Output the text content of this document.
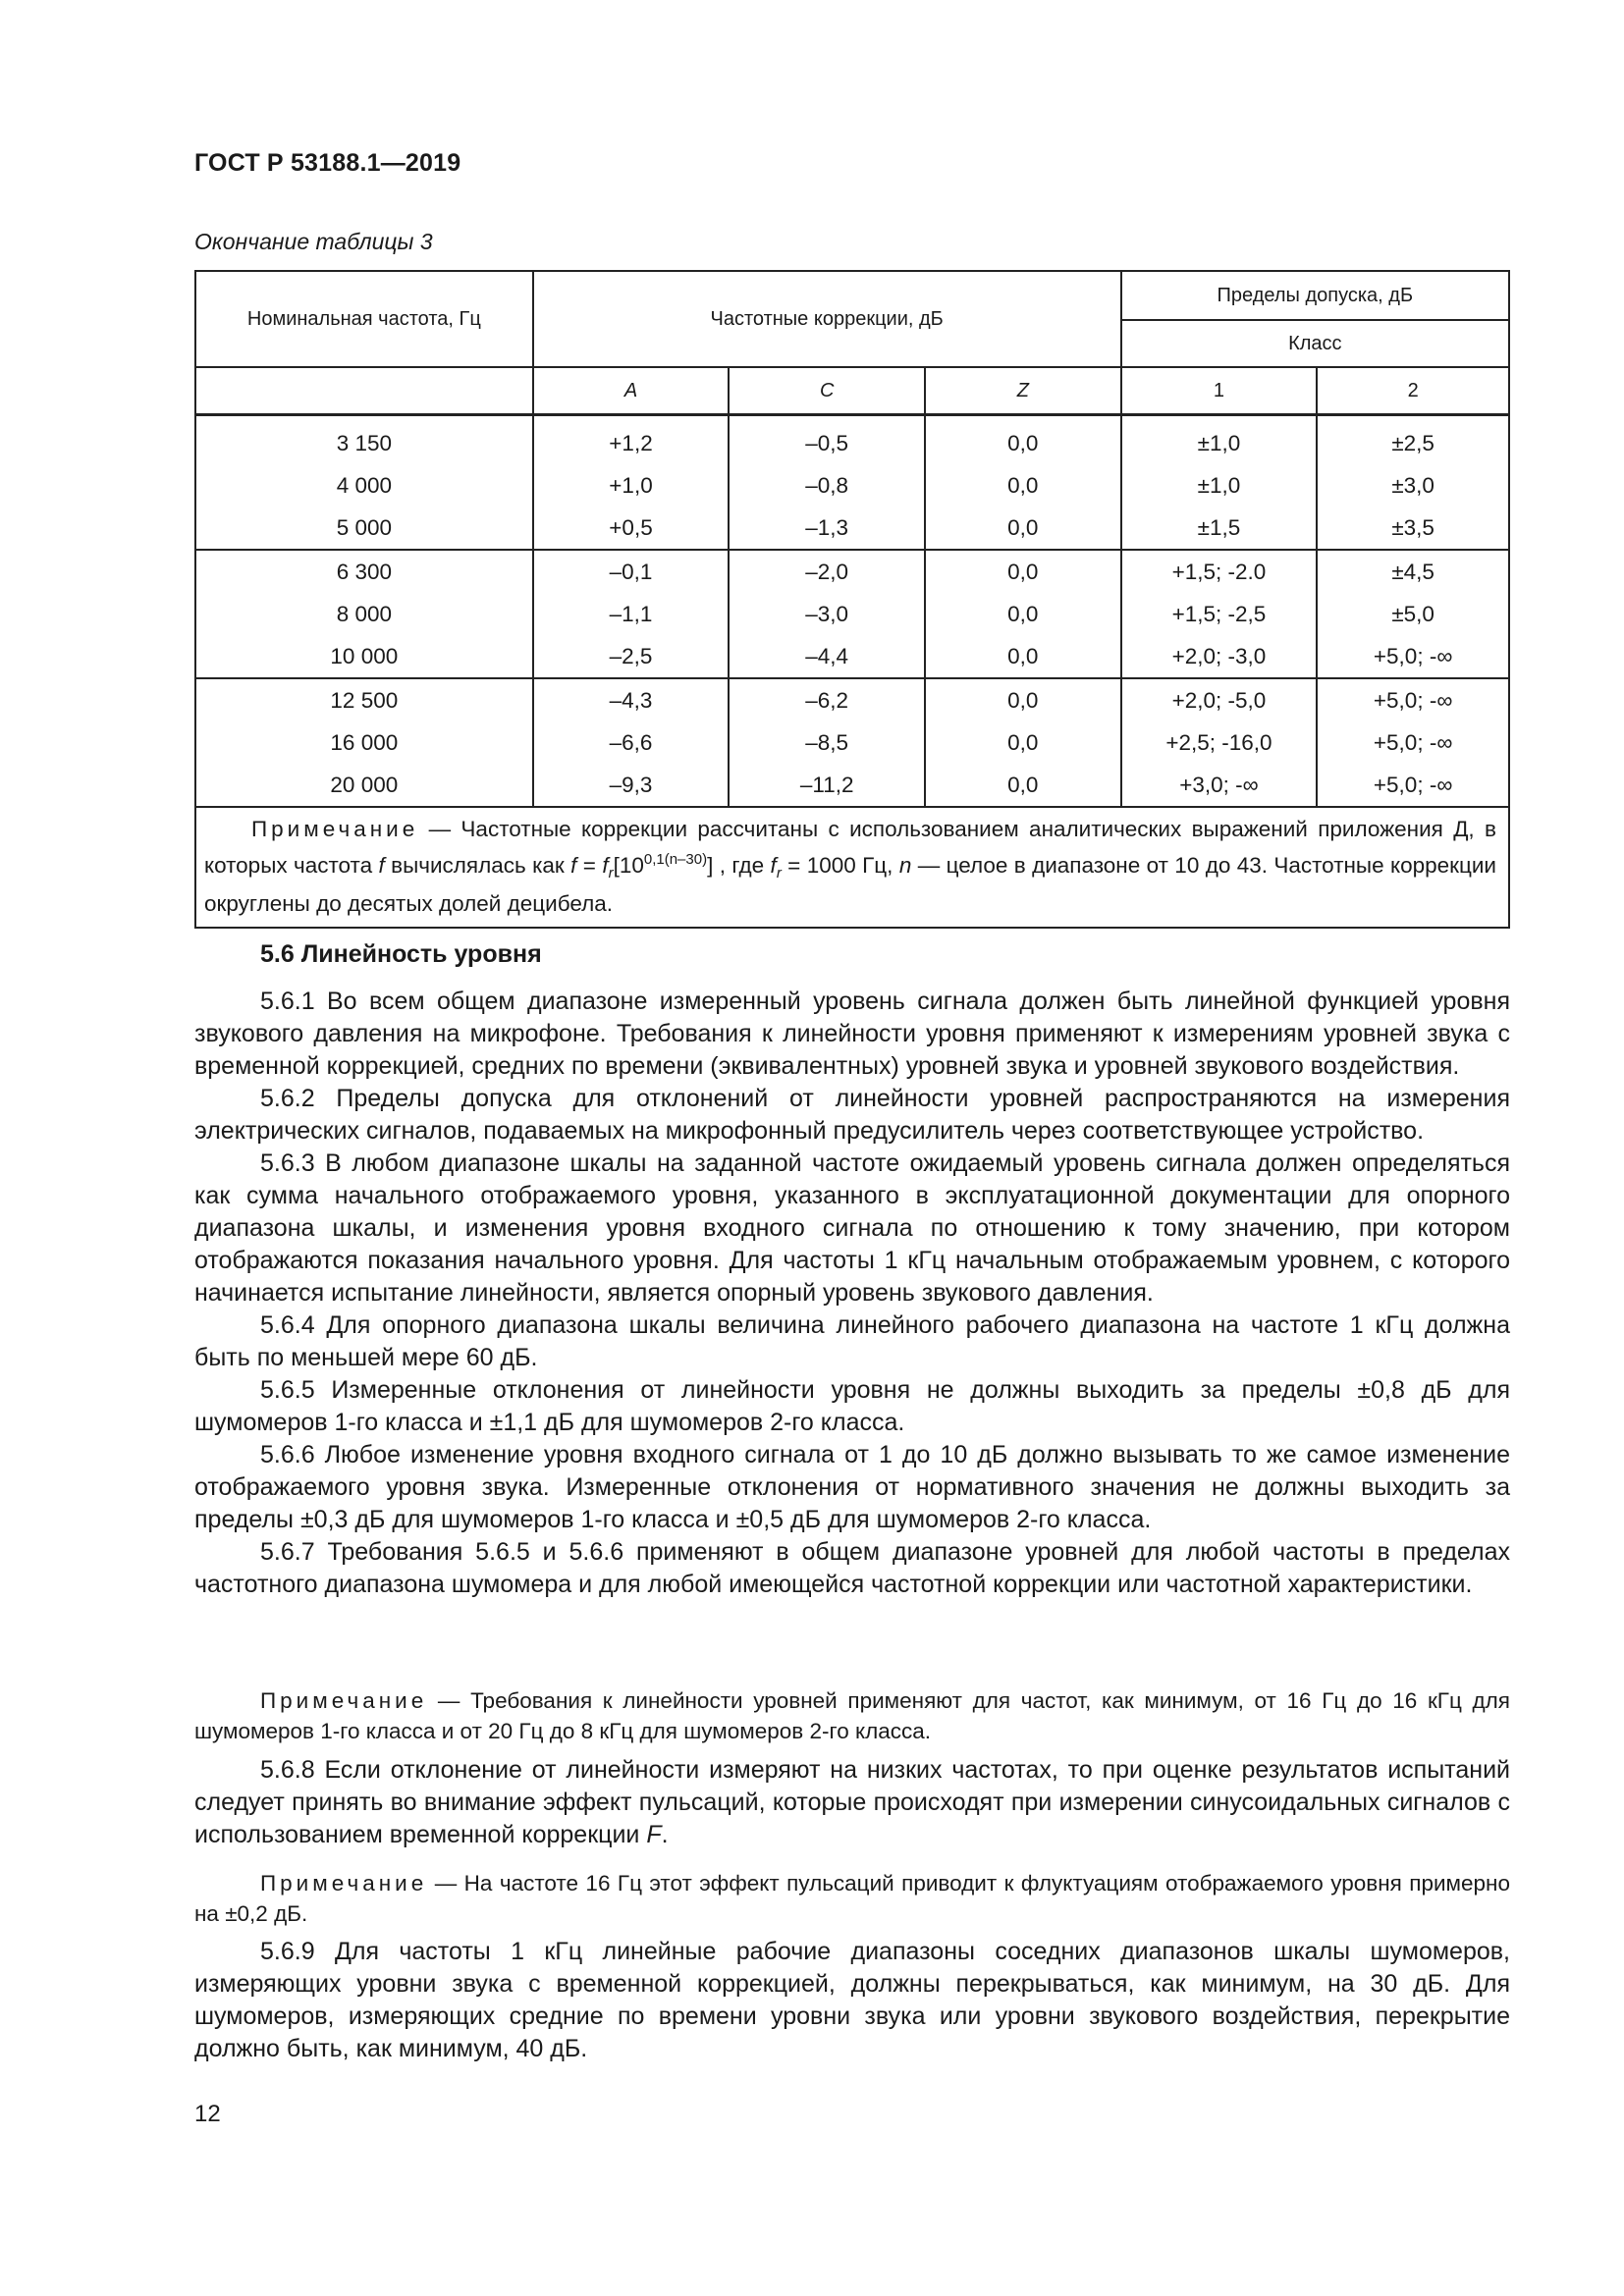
ГОСТ Р 53188.1—2019
Окончание таблицы 3
Номинальная частота, Гц	Частотные коррекции, дБ			Пределы допуска, дБ	
				Класс	
	A	C	Z	1	2
3 150	+1,2	–0,5	0,0	±1,0	±2,5
4 000	+1,0	–0,8	0,0	±1,0	±3,0
5 000	+0,5	–1,3	0,0	±1,5	±3,5
6 300	–0,1	–2,0	0,0	+1,5; -2.0	±4,5
8 000	–1,1	–3,0	0,0	+1,5; -2,5	±5,0
10 000	–2,5	–4,4	0,0	+2,0; -3,0	+5,0; -∞
12 500	–4,3	–6,2	0,0	+2,0; -5,0	+5,0; -∞
16 000	–6,6	–8,5	0,0	+2,5; -16,0	+5,0; -∞
20 000	–9,3	–11,2	0,0	+3,0; -∞	+5,0; -∞
Примечание — Частотные коррекции рассчитаны с использованием аналитических выражений приложения Д, в которых частота f вычислялась как $f = f_r[10^{0,1(n-30)}]$ , где $f_r = 1000$ Гц, n — целое в диапазоне от 10 до 43. Частотные коррекции округлены до десятых долей децибела.					
5.6 Линейность уровня

5.6.1 Во всем общем диапазоне измеренный уровень сигнала должен быть линейной функцией уровня звукового давления на микрофоне. Требования к линейности уровня применяют к измерениям уровней звука с временной коррекцией, средних по времени (эквивалентных) уровней звука и уровней звукового воздействия.

5.6.2 Пределы допуска для отклонений от линейности уровней распространяются на измерения электрических сигналов, подаваемых на микрофонный предусилитель через соответствующее устройство.

5.6.3 В любом диапазоне шкалы на заданной частоте ожидаемый уровень сигнала должен определяться как сумма начального отображаемого уровня, указанного в эксплуатационной документации для опорного диапазона шкалы, и изменения уровня входного сигнала по отношению к тому значению, при котором отображаются показания начального уровня. Для частоты 1 кГц начальным отображаемым уровнем, с которого начинается испытание линейности, является опорный уровень звукового давления.

5.6.4 Для опорного диапазона шкалы величина линейного рабочего диапазона на частоте 1 кГц должна быть по меньшей мере 60 дБ.

5.6.5 Измеренные отклонения от линейности уровня не должны выходить за пределы ±0,8 дБ для шумомеров 1-го класса и ±1,1 дБ для шумомеров 2-го класса.

5.6.6 Любое изменение уровня входного сигнала от 1 до 10 дБ должно вызывать то же самое изменение отображаемого уровня звука. Измеренные отклонения от нормативного значения не должны выходить за пределы ±0,3 дБ для шумомеров 1-го класса и ±0,5 дБ для шумомеров 2-го класса.

5.6.7 Требования 5.6.5 и 5.6.6 применяют в общем диапазоне уровней для любой частоты в пределах частотного диапазона шумомера и для любой имеющейся частотной коррекции или частотной характеристики.

Примечание — Требования к линейности уровней применяют для частот, как минимум, от 16 Гц до 16 кГц для шумомеров 1-го класса и от 20 Гц до 8 кГц для шумомеров 2-го класса.

5.6.8 Если отклонение от линейности измеряют на низких частотах, то при оценке результатов испытаний следует принять во внимание эффект пульсаций, которые происходят при измерении синусоидальных сигналов с использованием временной коррекции F.

Примечание — На частоте 16 Гц этот эффект пульсаций приводит к флуктуациям отображаемого уровня примерно на ±0,2 дБ.

5.6.9 Для частоты 1 кГц линейные рабочие диапазоны соседних диапазонов шкалы шумомеров, измеряющих уровни звука с временной коррекцией, должны перекрываться, как минимум, на 30 дБ. Для шумомеров, измеряющих средние по времени уровни звука или уровни звукового воздействия, перекрытие должно быть, как минимум, 40 дБ.

12
